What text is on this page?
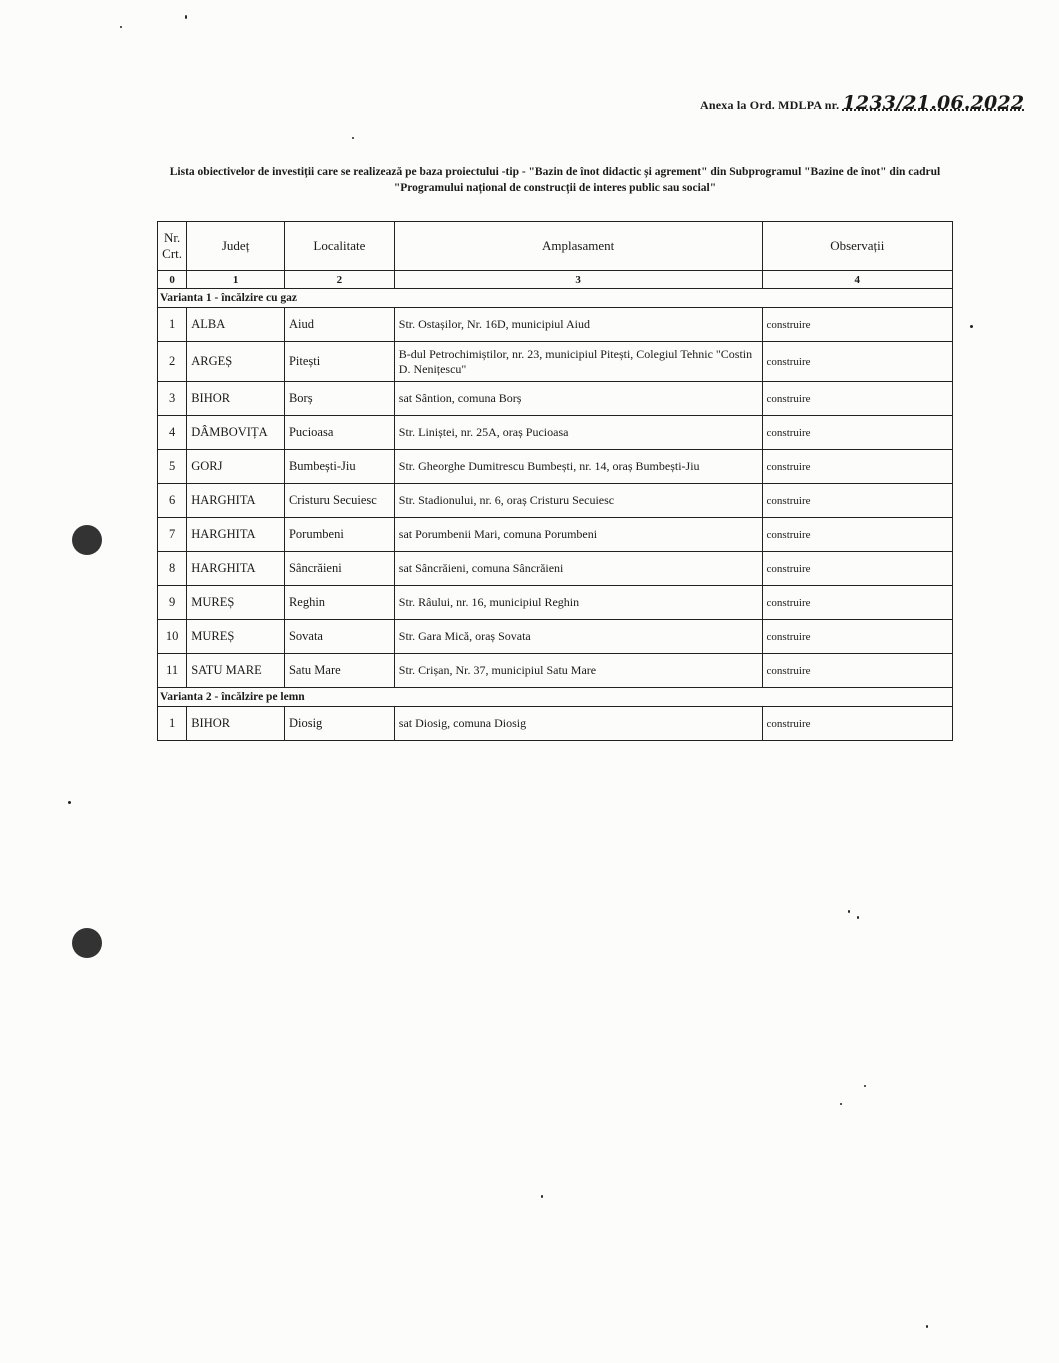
Anexa la Ord. MDLPA nr. 1233/21.06.2022
Lista obiectivelor de investiții care se realizează pe baza proiectului -tip - "Bazin de înot didactic și agrement" din Subprogramul "Bazine de înot" din cadrul "Programului național de construcții de interes public sau social"
Nr. Crt.	Județ	Localitate	Amplasament	Observații
0	1	2	3	4
Varianta 1 - încălzire cu gaz				
1	ALBA	Aiud	Str. Ostașilor, Nr. 16D, municipiul Aiud	construire
2	ARGEȘ	Pitești	B-dul Petrochimiștilor, nr. 23, municipiul Pitești, Colegiul Tehnic "Costin D. Nenițescu"	construire
3	BIHOR	Borș	sat Sântion, comuna Borș	construire
4	DÂMBOVIȚA	Pucioasa	Str. Liniștei, nr. 25A, oraș Pucioasa	construire
5	GORJ	Bumbești-Jiu	Str. Gheorghe Dumitrescu Bumbești, nr. 14, oraș Bumbești-Jiu	construire
6	HARGHITA	Cristuru Secuiesc	Str. Stadionului, nr. 6, oraș Cristuru Secuiesc	construire
7	HARGHITA	Porumbeni	sat Porumbenii Mari, comuna Porumbeni	construire
8	HARGHITA	Sâncrăieni	sat Sâncrăieni, comuna Sâncrăieni	construire
9	MUREȘ	Reghin	Str. Râului, nr. 16, municipiul Reghin	construire
10	MUREȘ	Sovata	Str. Gara Mică, oraș Sovata	construire
11	SATU MARE	Satu Mare	Str. Crișan, Nr. 37, municipiul Satu Mare	construire
Varianta 2 - încălzire pe lemn				
1	BIHOR	Diosig	sat Diosig, comuna Diosig	construire
